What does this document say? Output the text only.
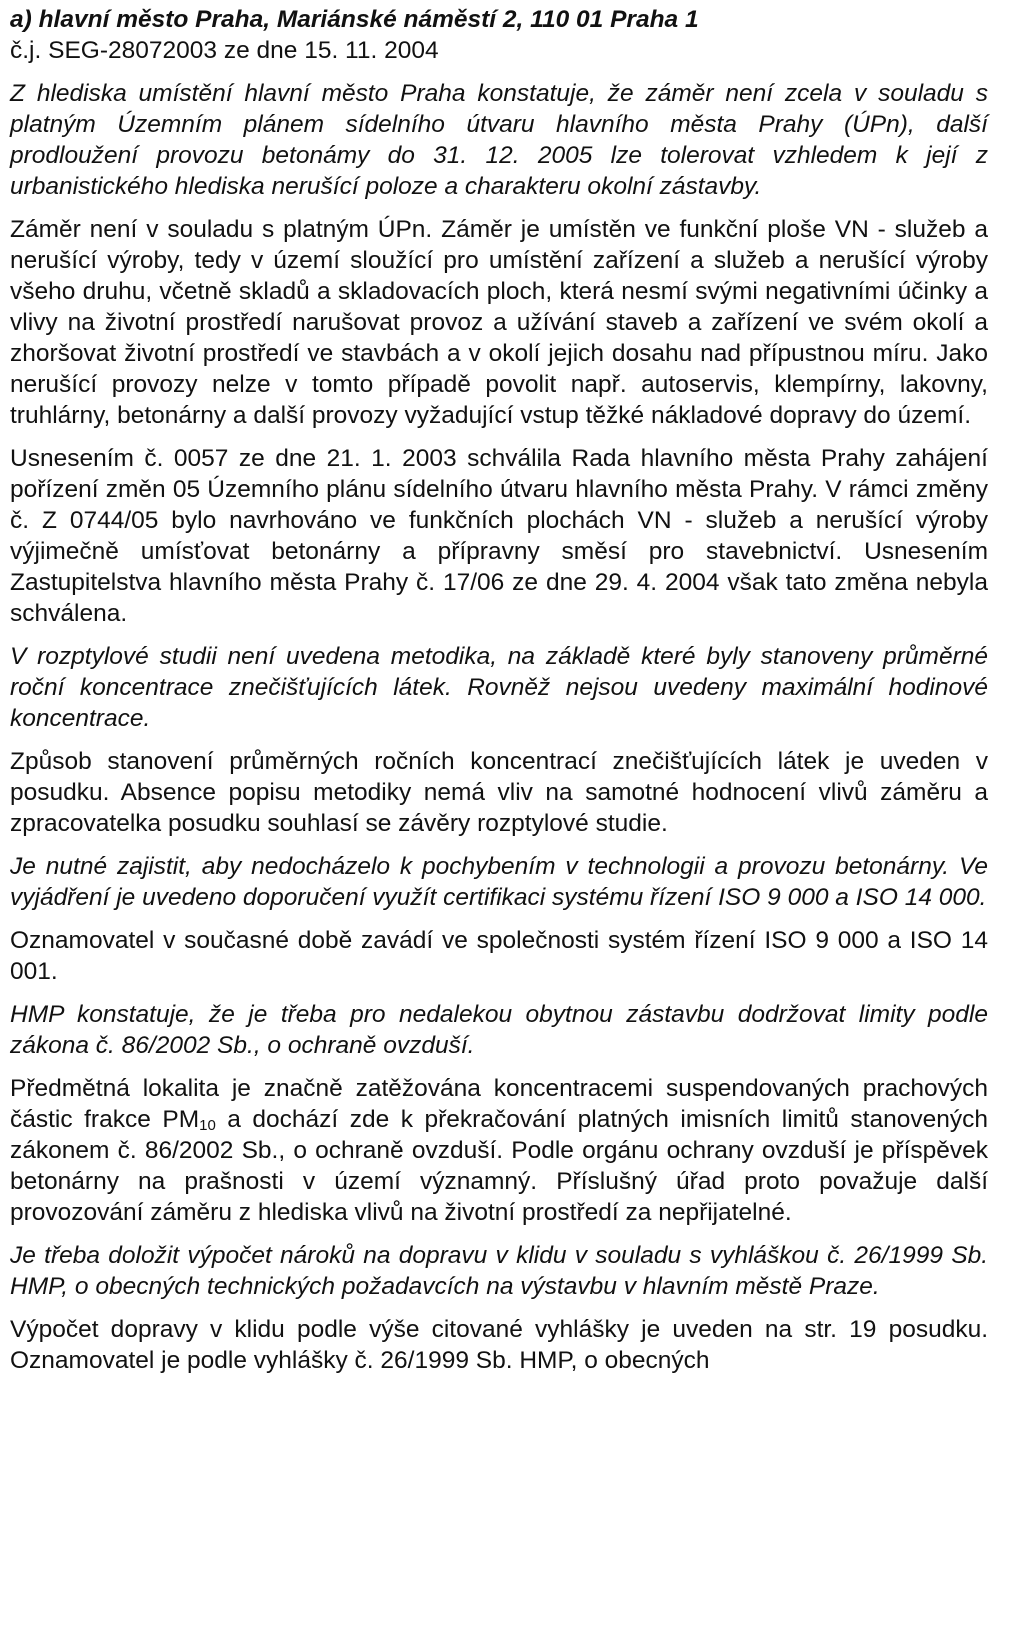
a) hlavní město Praha, Mariánské náměstí 2, 110 01 Praha 1
č.j. SEG-28072003 ze dne 15. 11. 2004

Z hlediska umístění hlavní město Praha konstatuje, že záměr není zcela v souladu s platným Územním plánem sídelního útvaru hlavního města Prahy (ÚPn), další prodloužení provozu betonámy do 31. 12. 2005 lze tolerovat vzhledem k její z urbanistického hlediska nerušící poloze a charakteru okolní zástavby.

Záměr není v souladu s platným ÚPn. Záměr je umístěn ve funkční ploše VN - služeb a nerušící výroby, tedy v území sloužící pro umístění zařízení a služeb a nerušící výroby všeho druhu, včetně skladů a skladovacích ploch, která nesmí svými negativními účinky a vlivy na životní prostředí narušovat provoz a užívání staveb a zařízení ve svém okolí a zhoršovat životní prostředí ve stavbách a v okolí jejich dosahu nad přípustnou míru. Jako nerušící provozy nelze v tomto případě povolit např. autoservis, klempírny, lakovny, truhlárny, betonárny a další provozy vyžadující vstup těžké nákladové dopravy do území.

Usnesením č. 0057 ze dne 21. 1. 2003 schválila Rada hlavního města Prahy zahájení pořízení změn 05 Územního plánu sídelního útvaru hlavního města Prahy. V rámci změny č. Z 0744/05 bylo navrhováno ve funkčních plochách VN - služeb a nerušící výroby výjimečně umísťovat betonárny a přípravny směsí pro stavebnictví. Usnesením Zastupitelstva hlavního města Prahy č. 17/06 ze dne 29. 4. 2004 však tato změna nebyla schválena.

V rozptylové studii není uvedena metodika, na základě které byly stanoveny průměrné roční koncentrace znečišťujících látek. Rovněž nejsou uvedeny maximální hodinové koncentrace.

Způsob stanovení průměrných ročních koncentrací znečišťujících látek je uveden v posudku. Absence popisu metodiky nemá vliv na samotné hodnocení vlivů záměru a zpracovatelka posudku souhlasí se závěry rozptylové studie.

Je nutné zajistit, aby nedocházelo k pochybením v technologii a provozu betonárny. Ve vyjádření je uvedeno doporučení využít certifikaci systému řízení ISO 9 000 a ISO 14 000.

Oznamovatel v současné době zavádí ve společnosti systém řízení ISO 9 000 a ISO 14 001.

HMP konstatuje, že je třeba pro nedalekou obytnou zástavbu dodržovat limity podle zákona č. 86/2002 Sb., o ochraně ovzduší.

Předmětná lokalita je značně zatěžována koncentracemi suspendovaných prachových částic frakce $PM_{10}$ a dochází zde k překračování platných imisních limitů stanovených zákonem č. 86/2002 Sb., o ochraně ovzduší. Podle orgánu ochrany ovzduší je příspěvek betonárny na prašnosti v území významný. Příslušný úřad proto považuje další provozování záměru z hlediska vlivů na životní prostředí za nepřijatelné.

Je třeba doložit výpočet nároků na dopravu v klidu v souladu s vyhláškou č. 26/1999 Sb. HMP, o obecných technických požadavcích na výstavbu v hlavním městě Praze.

Výpočet dopravy v klidu podle výše citované vyhlášky je uveden na str. 19 posudku. Oznamovatel je podle vyhlášky č. 26/1999 Sb. HMP, o obecných
